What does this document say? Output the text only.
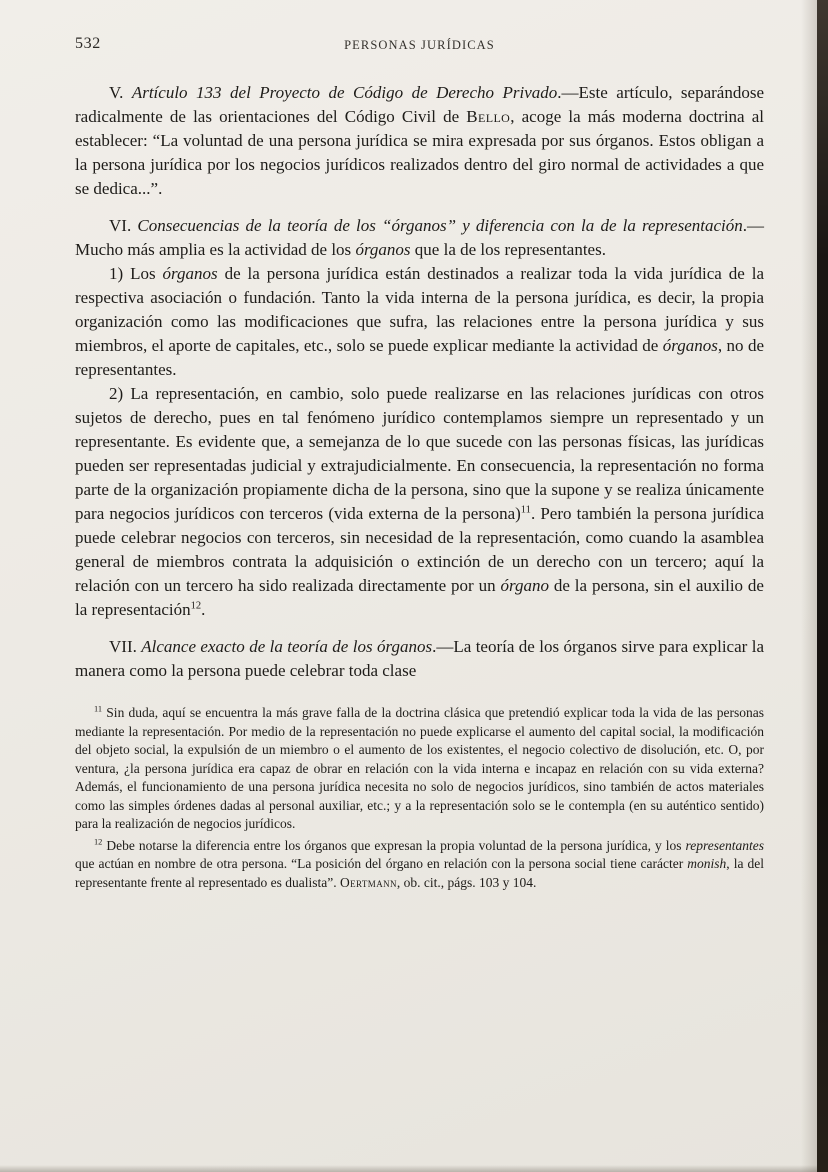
532	PERSONAS JURÍDICAS

V. Artículo 133 del Proyecto de Código de Derecho Privado.—Este artículo, separándose radicalmente de las orientaciones del Código Civil de Bello, acoge la más moderna doctrina al establecer: “La voluntad de una persona jurídica se mira expresada por sus órganos. Estos obligan a la persona jurídica por los negocios jurídicos realizados dentro del giro normal de actividades a que se dedica...”.

VI. Consecuencias de la teoría de los “órganos” y diferencia con la de la representación.—Mucho más amplia es la actividad de los órganos que la de los representantes.

1) Los órganos de la persona jurídica están destinados a realizar toda la vida jurídica de la respectiva asociación o fundación. Tanto la vida interna de la persona jurídica, es decir, la propia organización como las modificaciones que sufra, las relaciones entre la persona jurídica y sus miembros, el aporte de capitales, etc., solo se puede explicar mediante la actividad de órganos, no de representantes.

2) La representación, en cambio, solo puede realizarse en las relaciones jurídicas con otros sujetos de derecho, pues en tal fenómeno jurídico contemplamos siempre un representado y un representante. Es evidente que, a semejanza de lo que sucede con las personas físicas, las jurídicas pueden ser representadas judicial y extrajudicialmente. En consecuencia, la representación no forma parte de la organización propiamente dicha de la persona, sino que la supone y se realiza únicamente para negocios jurídicos con terceros (vida externa de la persona)$^{11}$. Pero también la persona jurídica puede celebrar negocios con terceros, sin necesidad de la representación, como cuando la asamblea general de miembros contrata la adquisición o extinción de un derecho con un tercero; aquí la relación con un tercero ha sido realizada directamente por un órgano de la persona, sin el auxilio de la representación$^{12}$.

VII. Alcance exacto de la teoría de los órganos.—La teoría de los órganos sirve para explicar la manera como la persona puede celebrar toda clase

$^{11}$ Sin duda, aquí se encuentra la más grave falla de la doctrina clásica que pretendió explicar toda la vida de las personas mediante la representación. Por medio de la representación no puede explicarse el aumento del capital social, la modificación del objeto social, la expulsión de un miembro o el aumento de los existentes, el negocio colectivo de disolución, etc. O, por ventura, ¿la persona jurídica era capaz de obrar en relación con la vida interna e incapaz en relación con su vida externa? Además, el funcionamiento de una persona jurídica necesita no solo de negocios jurídicos, sino también de actos materiales como las simples órdenes dadas al personal auxiliar, etc.; y a la representación solo se le contempla (en su auténtico sentido) para la realización de negocios jurídicos.

$^{12}$ Debe notarse la diferencia entre los órganos que expresan la propia voluntad de la persona jurídica, y los representantes que actúan en nombre de otra persona. “La posición del órgano en relación con la persona social tiene carácter monish, la del representante frente al representado es dualista”. Oertmann, ob. cit., págs. 103 y 104.
